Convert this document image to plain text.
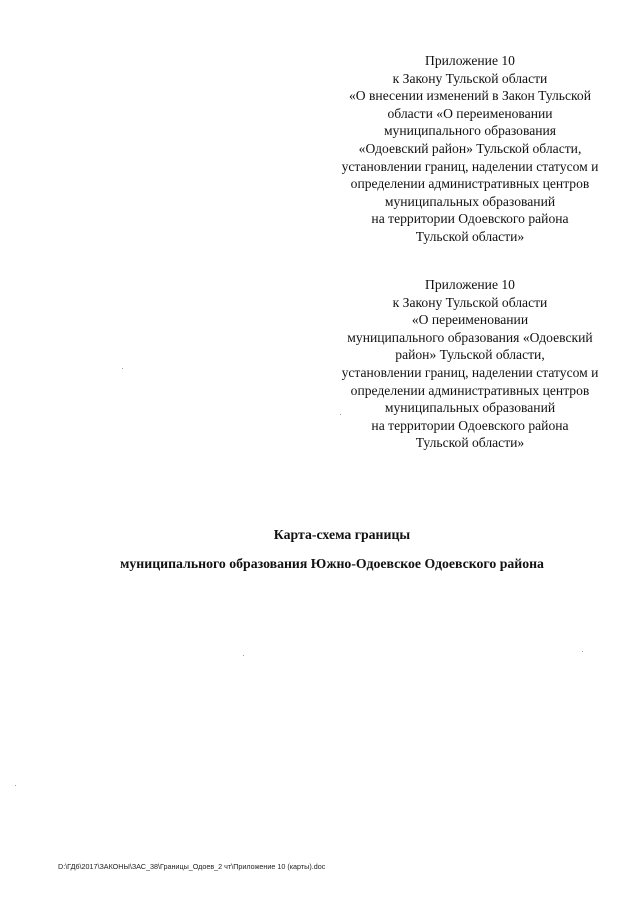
Приложение 10
к Закону Тульской области
«О внесении изменений в Закон Тульской
области «О переименовании
муниципального образования
«Одоевский район» Тульской области,
установлении границ, наделении статусом и
определении административных центров
муниципальных образований
на территории Одоевского района
Тульской области»
Приложение 10
к Закону Тульской области
«О переименовании
муниципального образования «Одоевский
район» Тульской области,
установлении границ, наделении статусом и
определении административных центров
муниципальных образований
на территории Одоевского района
Тульской области»
Карта-схема границы
муниципального образования Южно-Одоевское Одоевского района
D:\ГД6\2017\ЗАКОНЫ\ЗАС_38\Границы_Одоев_2 чт\Приложение 10 (карты).doc
